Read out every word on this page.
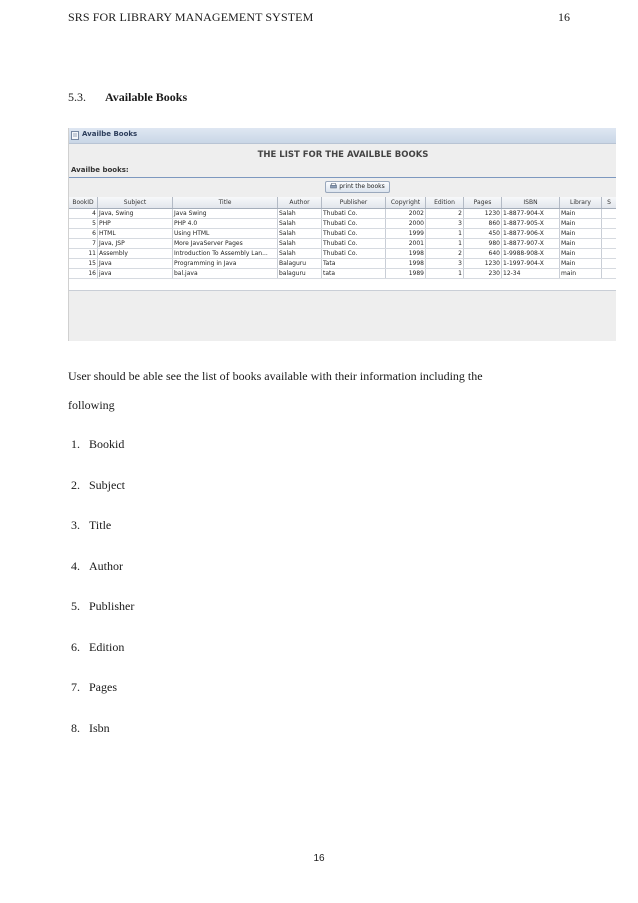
SRS FOR LIBRARY MANAGEMENT SYSTEM	16
5.3. Available Books
Availbe Books
THE LIST FOR THE AVAILBLE BOOKS
Availbe books:
print the books
BookID	Subject	Title	Author	Publisher	Copyright	Edition	Pages	ISBN	Library	S
4 Java, Swing	Java Swing	Salah	Thubati Co.	2002	2	1230 1-8877-904-X	Main
5 PHP	PHP 4.0	Salah	Thubati Co.	2000	3	860 1-8877-905-X	Main
6 HTML	Using HTML	Salah	Thubati Co.	1999	1	450 1-8877-906-X	Main
7 Java, JSP	More JavaServer Pages	Salah	Thubati Co.	2001	1	980 1-8877-907-X	Main
11 Assembly	Introduction To Assembly Lan...	Salah	Thubati Co.	1998	2	640 1-9988-908-X	Main
15 Java	Programming in Java	Balaguru	Tata	1998	3	1230 1-1997-904-X	Main
16 java	bal.java	balaguru	tata	1989	1	230 12-34	main
User should be able see the list of books available with their information including the
following
1. Bookid
2. Subject
3. Title
4. Author
5. Publisher
6. Edition
7. Pages
8. Isbn
16
